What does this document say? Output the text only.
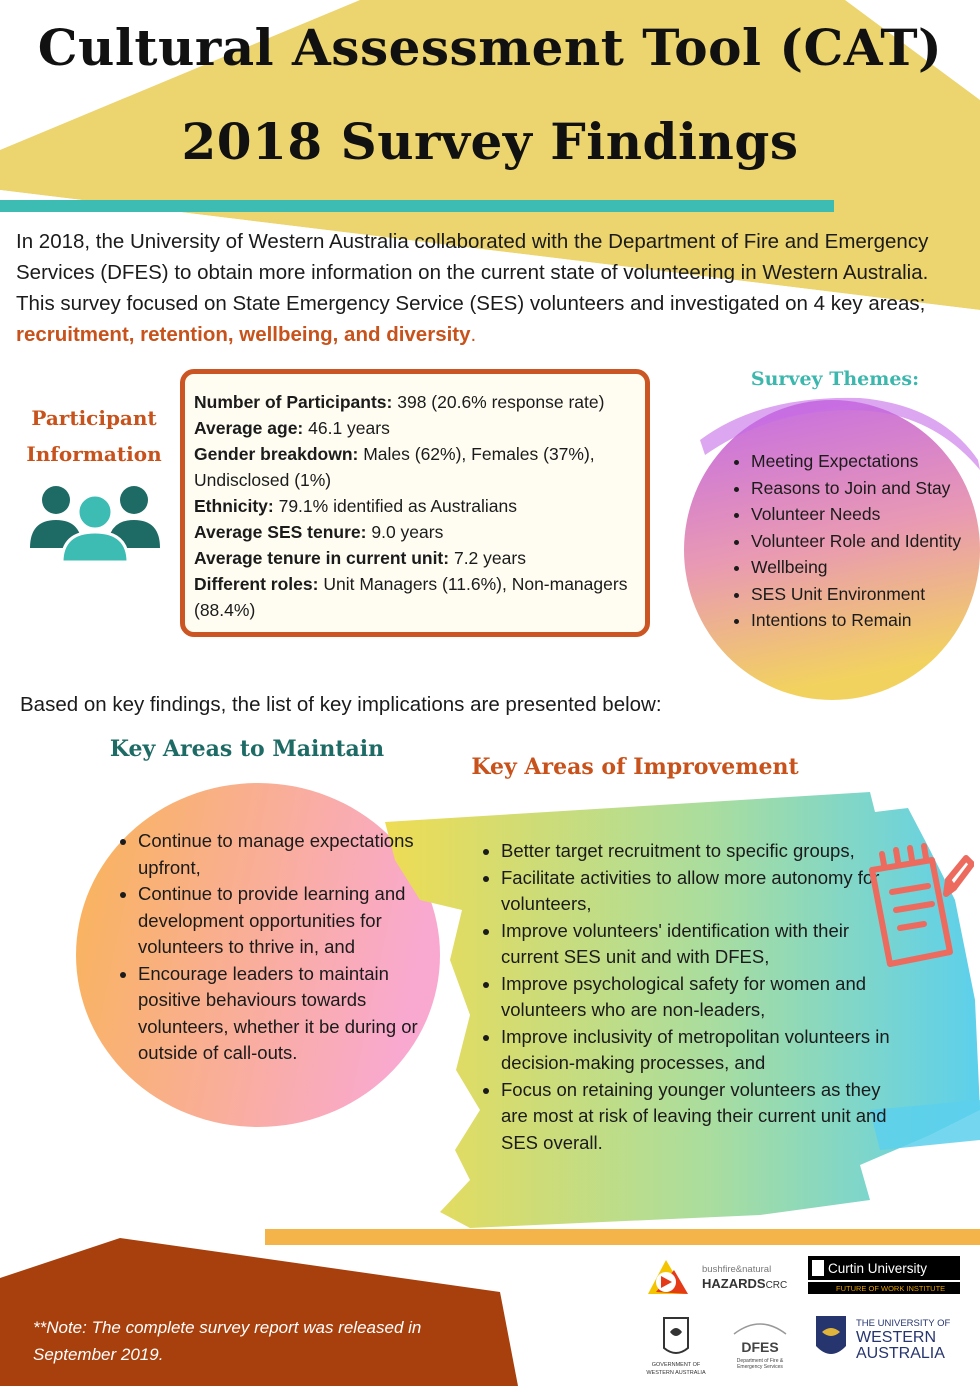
Cultural Assessment Tool (CAT)
2018 Survey Findings
In 2018, the University of Western Australia collaborated with the Department of Fire and Emergency Services (DFES) to obtain more information on the current state of volunteering in Western Australia. This survey focused on State Emergency Service (SES) volunteers and investigated on 4 key areas; recruitment, retention, wellbeing, and diversity.
Participant
Information
Number of Participants: 398 (20.6% response rate)
Average age: 46.1 years
Gender breakdown: Males (62%), Females (37%), Undisclosed (1%)
Ethnicity: 79.1% identified as Australians
Average SES tenure: 9.0 years
Average tenure in current unit: 7.2 years
Different roles: Unit Managers (11.6%), Non-managers (88.4%)
Survey Themes:
• Meeting Expectations
• Reasons to Join and Stay
• Volunteer Needs
• Volunteer Role and Identity
• Wellbeing
• SES Unit Environment
• Intentions to Remain
Based on key findings, the list of key implications are presented below:
Key Areas to Maintain
• Continue to manage expectations upfront,
• Continue to provide learning and development opportunities for volunteers to thrive in, and
• Encourage leaders to maintain positive behaviours towards volunteers, whether it be during or outside of call-outs.
Key Areas of Improvement
• Better target recruitment to specific groups,
• Facilitate activities to allow more autonomy for volunteers,
• Improve volunteers' identification with their current SES unit and with DFES,
• Improve psychological safety for women and volunteers who are non-leaders,
• Improve inclusivity of metropolitan volunteers in decision-making processes, and
• Focus on retaining younger volunteers as they are most at risk of leaving their current unit and SES overall.
**Note: The complete survey report was released in September 2019.
bushfire&natural
HAZARDSCRC
Curtin University
FUTURE OF WORK INSTITUTE
GOVERNMENT OF
WESTERN AUSTRALIA
DFES
Department of Fire &
Emergency Services
THE UNIVERSITY OF
WESTERN
AUSTRALIA
